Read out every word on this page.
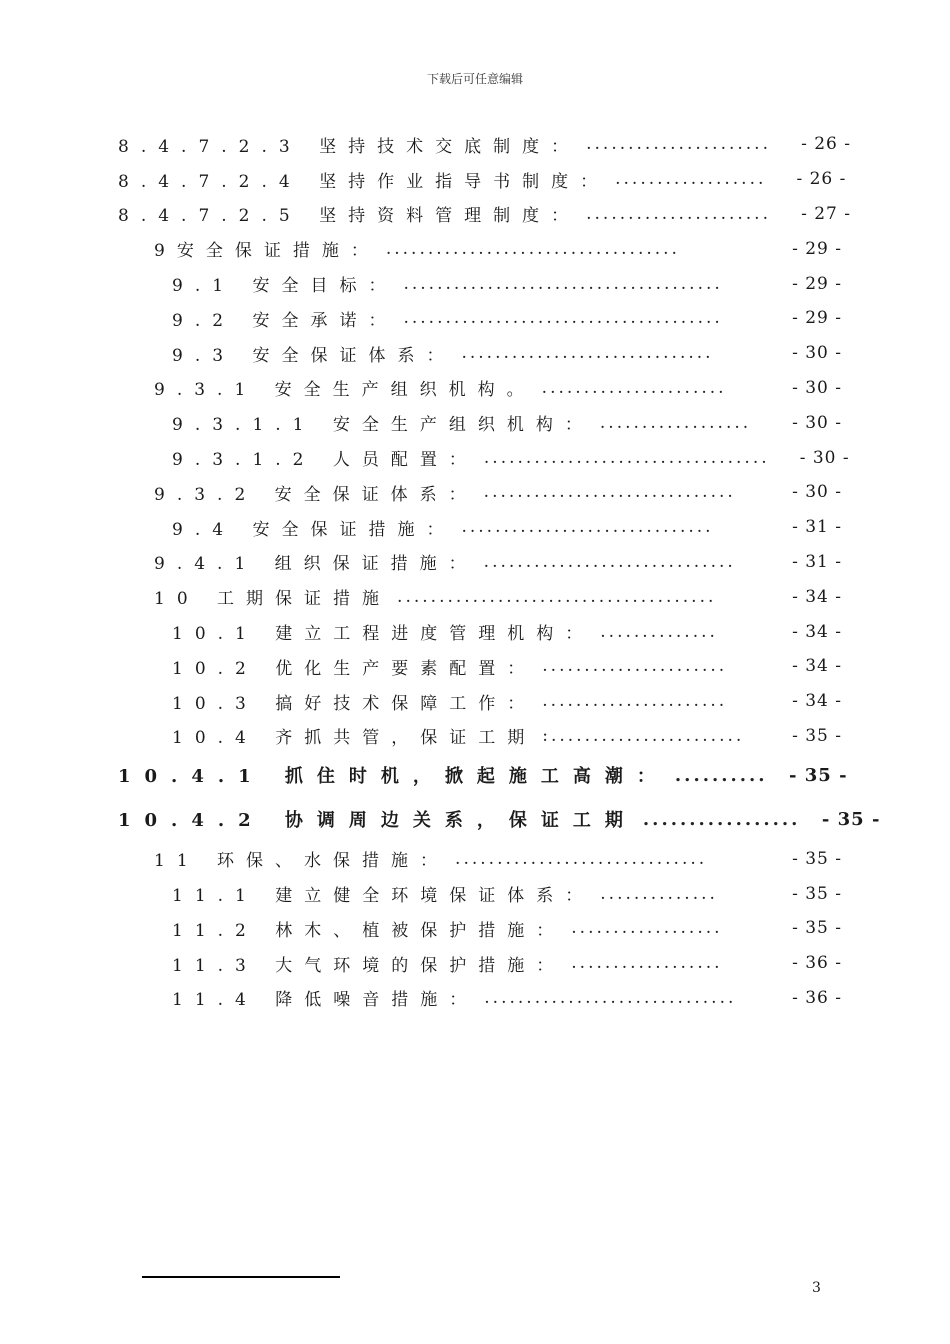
下载后可任意编辑
8.4.7.2.3 坚持技术交底制度： ......................	- 26 -
8.4.7.2.4 坚持作业指导书制度： ..................	- 26 -
8.4.7.2.5 坚持资料管理制度： ......................	- 27 -
9安全保证措施： ...................................	- 29 -
9.1 安全目标： ......................................	- 29 -
9.2 安全承诺： ......................................	- 29 -
9.3 安全保证体系： ..............................	- 30 -
9.3.1 安全生产组织机构。 ......................	- 30 -
9.3.1.1 安全生产组织机构： ..................	- 30 -
9.3.1.2 人员配置： ..................................	- 30 -
9.3.2 安全保证体系： ..............................	- 30 -
9.4 安全保证措施： ..............................	- 31 -
9.4.1 组织保证措施： ..............................	- 31 -
10 工期保证措施 ......................................	- 34 -
10.1 建立工程进度管理机构： ..............	- 34 -
10.2 优化生产要素配置： ......................	- 34 -
10.3 搞好技术保障工作： ......................	- 34 -
10.4 齐抓共管，保证工期 :.......................	- 35 -
10.4.1 抓住时机，掀起施工高潮： .......... - 35 -
10.4.2 协调周边关系，保证工期 ................. - 35 -
11 环保、水保措施： ..............................	- 35 -
11.1 建立健全环境保证体系： ..............	- 35 -
11.2 林木、植被保护措施： ..................	- 35 -
11.3 大气环境的保护措施： ..................	- 36 -
11.4 降低噪音措施： ..............................	- 36 -
3
